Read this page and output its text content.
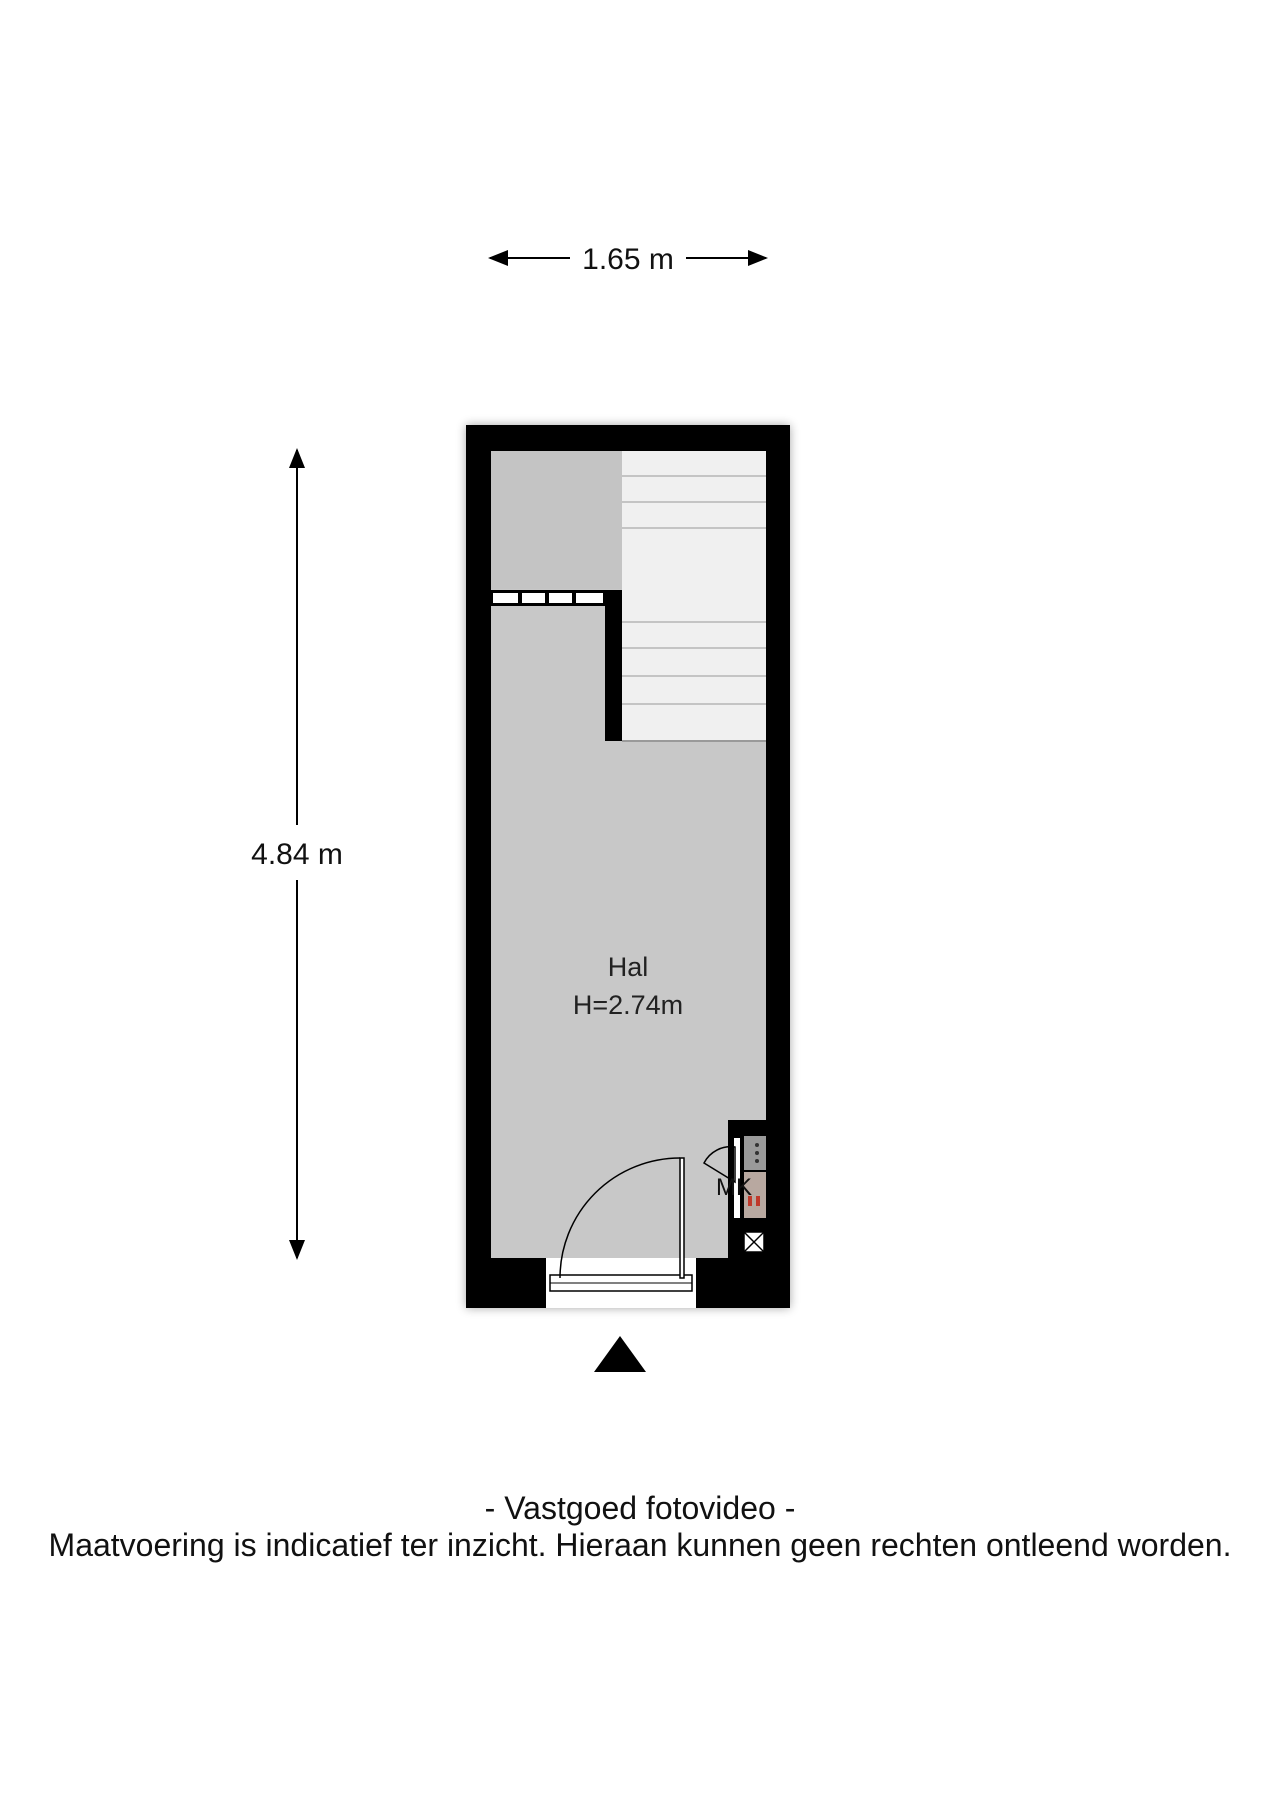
1.65 m
4.84 m
MK
Hal
H=2.74m
- Vastgoed fotovideo -
Maatvoering is indicatief ter inzicht. Hieraan kunnen geen rechten ontleend worden.
